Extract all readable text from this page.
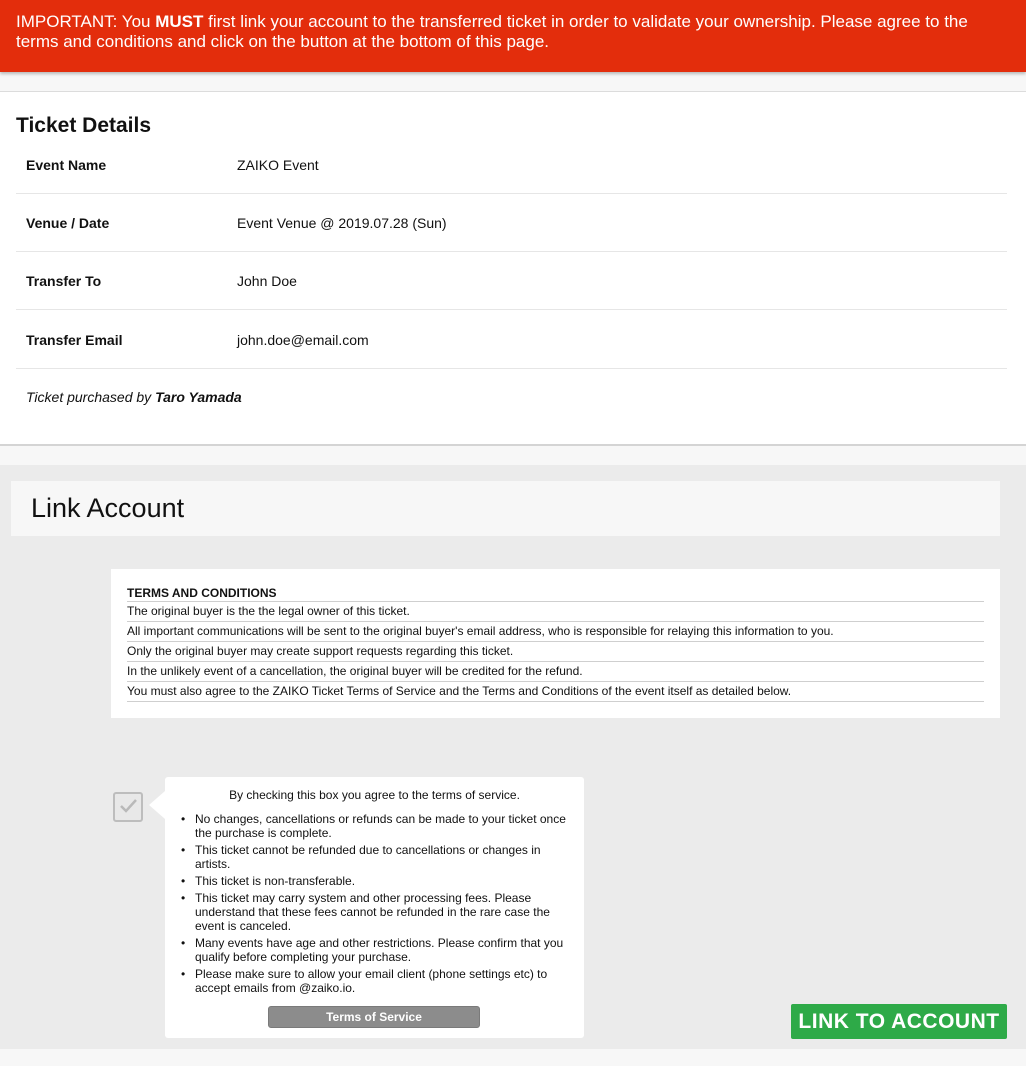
IMPORTANT: You MUST first link your account to the transferred ticket in order to validate your ownership. Please agree to the terms and conditions and click on the button at the bottom of this page.
Ticket Details
Event Name	ZAIKO Event
Venue / Date	Event Venue @ 2019.07.28 (Sun)
Transfer To	John Doe
Transfer Email	john.doe@email.com
Ticket purchased by Taro Yamada
Link Account
TERMS AND CONDITIONS
The original buyer is the the legal owner of this ticket.
All important communications will be sent to the original buyer's email address, who is responsible for relaying this information to you.
Only the original buyer may create support requests regarding this ticket.
In the unlikely event of a cancellation, the original buyer will be credited for the refund.
You must also agree to the ZAIKO Ticket Terms of Service and the Terms and Conditions of the event itself as detailed below.
By checking this box you agree to the terms of service.
• No changes, cancellations or refunds can be made to your ticket once the purchase is complete.
• This ticket cannot be refunded due to cancellations or changes in artists.
• This ticket is non-transferable.
• This ticket may carry system and other processing fees. Please understand that these fees cannot be refunded in the rare case the event is canceled.
• Many events have age and other restrictions. Please confirm that you qualify before completing your purchase.
• Please make sure to allow your email client (phone settings etc) to accept emails from @zaiko.io.
Terms of Service	LINK TO ACCOUNT
